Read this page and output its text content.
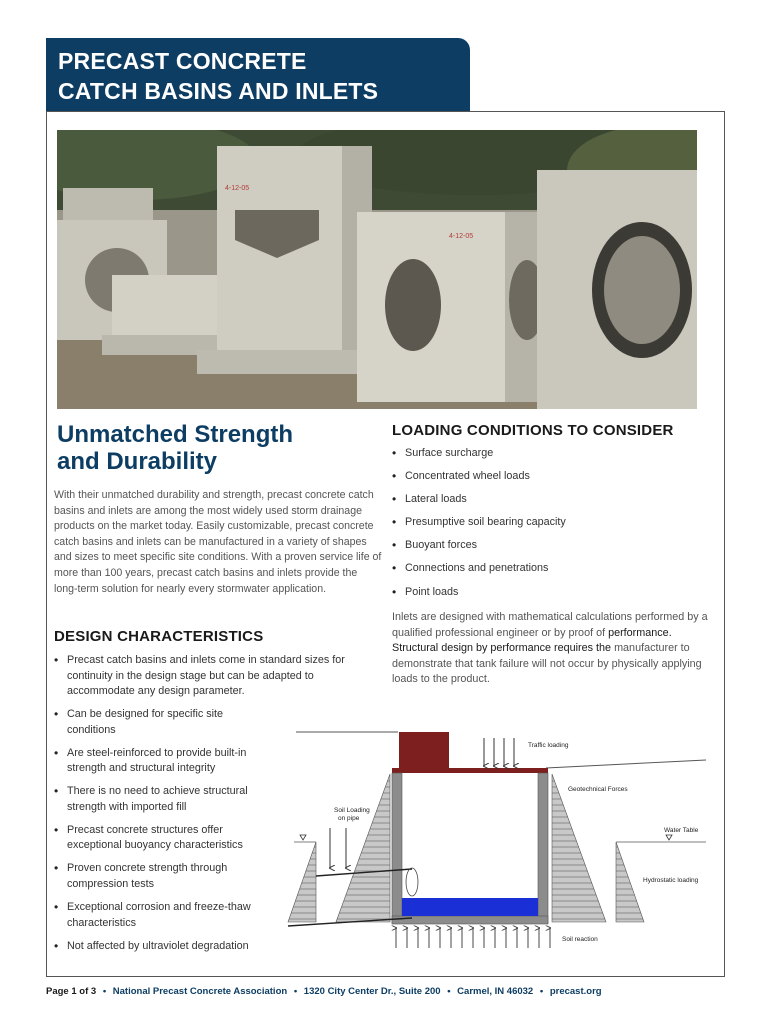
PRECAST CONCRETE
CATCH BASINS AND INLETS
4-12-05
4-12-05
Unmatched Strength
and Durability
With their unmatched durability and strength, precast concrete catch basins and inlets are among the most widely used storm drainage products on the market today. Easily customizable, precast concrete catch basins and inlets can be manufactured in a variety of shapes and sizes to meet specific site conditions. With a proven service life of more than 100 years, precast catch basins and inlets provide the long-term solution for nearly every stormwater application.
DESIGN CHARACTERISTICS
• Precast catch basins and inlets come in standard sizes for continuity in the design stage but can be adapted to accommodate any design parameter.
• Can be designed for specific site conditions
• Are steel-reinforced to provide built-in strength and structural integrity
• There is no need to achieve structural strength with imported fill
• Precast concrete structures offer exceptional buoyancy characteristics
• Proven concrete strength through compression tests
• Exceptional corrosion and freeze-thaw characteristics
• Not affected by ultraviolet degradation
LOADING CONDITIONS TO CONSIDER
• Surface surcharge
• Concentrated wheel loads
• Lateral loads
• Presumptive soil bearing capacity
• Buoyant forces
• Connections and penetrations
• Point loads
Inlets are designed with mathematical calculations performed by a qualified professional engineer or by proof of performance. Structural design by performance requires the manufacturer to demonstrate that tank failure will not occur by physically applying loads to the product.
Traffic loading
Soil Loading
on pipe
Geotechnical Forces
Water Table
Hydrostatic loading
Soil reaction
Page 1 of 3 • National Precast Concrete Association • 1320 City Center Dr., Suite 200 • Carmel, IN 46032 • precast.org
